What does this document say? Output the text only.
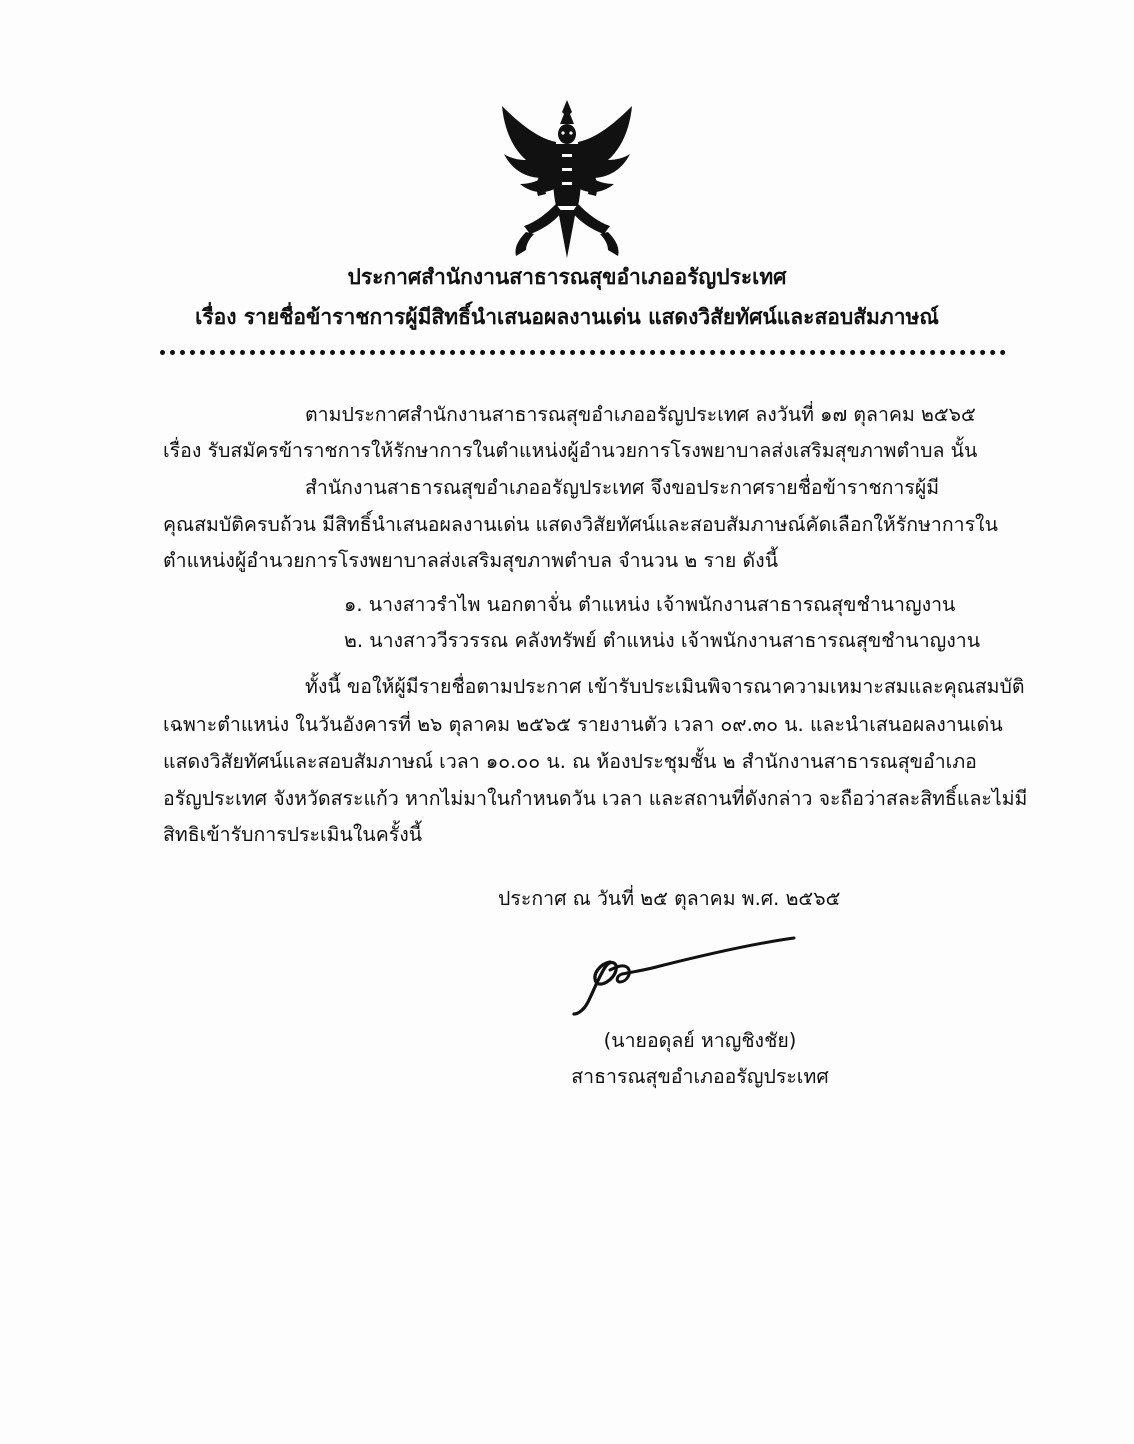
ประกาศสำนักงานสาธารณสุขอำเภออรัญประเทศ
เรื่อง รายชื่อข้าราชการผู้มีสิทธิ์นำเสนอผลงานเด่น แสดงวิสัยทัศน์และสอบสัมภาษณ์
ตามประกาศสำนักงานสาธารณสุขอำเภออรัญประเทศ ลงวันที่ ๑๗ ตุลาคม ๒๕๖๕
เรื่อง รับสมัครข้าราชการให้รักษาการในตำแหน่งผู้อำนวยการโรงพยาบาลส่งเสริมสุขภาพตำบล นั้น
สำนักงานสาธารณสุขอำเภออรัญประเทศ จึงขอประกาศรายชื่อข้าราชการผู้มี
คุณสมบัติครบถ้วน มีสิทธิ์นำเสนอผลงานเด่น แสดงวิสัยทัศน์และสอบสัมภาษณ์คัดเลือกให้รักษาการใน
ตำแหน่งผู้อำนวยการโรงพยาบาลส่งเสริมสุขภาพตำบล จำนวน ๒ ราย ดังนี้
๑. นางสาวรำไพ นอกตาจั่น ตำแหน่ง เจ้าพนักงานสาธารณสุขชำนาญงาน
๒. นางสาววีรวรรณ คลังทรัพย์ ตำแหน่ง เจ้าพนักงานสาธารณสุขชำนาญงาน
ทั้งนี้ ขอให้ผู้มีรายชื่อตามประกาศ เข้ารับประเมินพิจารณาความเหมาะสมและคุณสมบัติ
เฉพาะตำแหน่ง ในวันอังคารที่ ๒๖ ตุลาคม ๒๕๖๕ รายงานตัว เวลา ๐๙.๓๐ น. และนำเสนอผลงานเด่น
แสดงวิสัยทัศน์และสอบสัมภาษณ์ เวลา ๑๐.๐๐ น. ณ ห้องประชุมชั้น ๒ สำนักงานสาธารณสุขอำเภอ
อรัญประเทศ จังหวัดสระแก้ว หากไม่มาในกำหนดวัน เวลา และสถานที่ดังกล่าว จะถือว่าสละสิทธิ์และไม่มี
สิทธิเข้ารับการประเมินในครั้งนี้
ประกาศ ณ วันที่ ๒๕ ตุลาคม พ.ศ. ๒๕๖๕
(นายอดุลย์ หาญชิงชัย)
สาธารณสุขอำเภออรัญประเทศ
